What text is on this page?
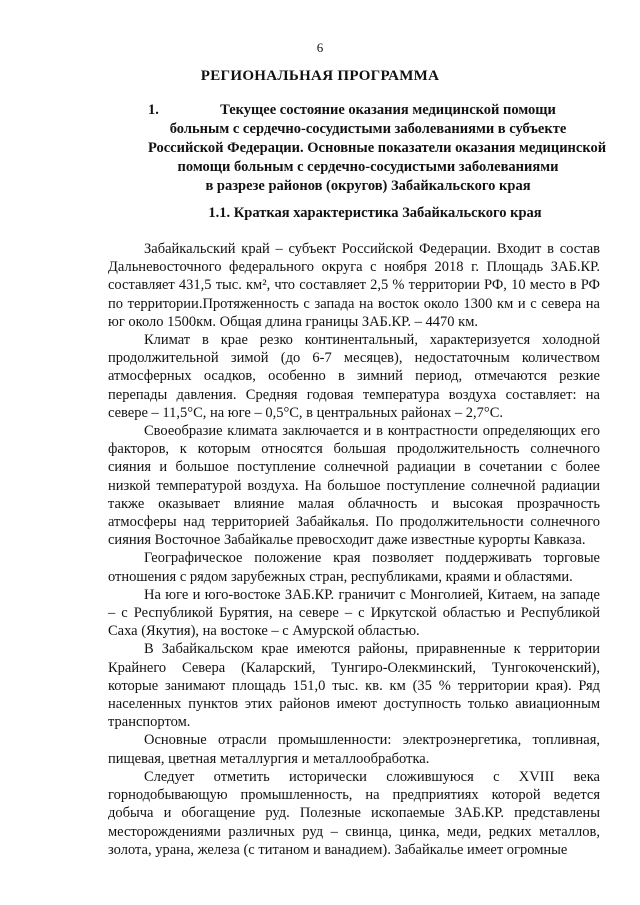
6
РЕГИОНАЛЬНАЯ ПРОГРАММА
1.	Текущее состояние оказания медицинской помощи
больным с сердечно-сосудистыми заболеваниями в субъекте
Российской Федерации. Основные показатели оказания медицинской
помощи больным с сердечно-сосудистыми заболеваниями
в разрезе районов (округов) Забайкальского края
1.1. Краткая характеристика Забайкальского края

Забайкальский край – субъект Российской Федерации. Входит в состав Дальневосточного федерального округа с ноября 2018 г. Площадь ЗАБ.КР. составляет 431,5 тыс. км², что составляет 2,5 % территории РФ, 10 место в РФ по территории.Протяженность с запада на восток около 1300 км и с севера на юг около 1500км. Общая длина границы ЗАБ.КР. – 4470 км.

Климат в крае резко континентальный, характеризуется холодной продолжительной зимой (до 6-7 месяцев), недостаточным количеством атмосферных осадков, особенно в зимний период, отмечаются резкие перепады давления. Средняя годовая температура воздуха составляет: на севере – 11,5°С, на юге – 0,5°С, в центральных районах – 2,7°С.

Своеобразие климата заключается и в контрастности определяющих его факторов, к которым относятся большая продолжительность солнечного сияния и большое поступление солнечной радиации в сочетании с более низкой температурой воздуха. На большое поступление солнечной радиации также оказывает влияние малая облачность и высокая прозрачность атмосферы над территорией Забайкалья. По продолжительности солнечного сияния Восточное Забайкалье превосходит даже известные курорты Кавказа.

Географическое положение края позволяет поддерживать торговые отношения с рядом зарубежных стран, республиками, краями и областями.

На юге и юго-востоке ЗАБ.КР. граничит с Монголией, Китаем, на западе – с Республикой Бурятия, на севере – с Иркутской областью и Республикой Саха (Якутия), на востоке – с Амурской областью.

В Забайкальском крае имеются районы, приравненные к территории Крайнего Севера (Каларский, Тунгиро-Олекминский, Тунгокоченский), которые занимают площадь 151,0 тыс. кв. км (35 % территории края). Ряд населенных пунктов этих районов имеют доступность только авиационным транспортом.

Основные отрасли промышленности: электроэнергетика, топливная, пищевая, цветная металлургия и металлообработка.

Следует отметить исторически сложившуюся с XVIII века горнодобывающую промышленность, на предприятиях которой ведется добыча и обогащение руд. Полезные ископаемые ЗАБ.КР. представлены месторождениями различных руд – свинца, цинка, меди, редких металлов, золота, урана, железа (с титаном и ванадием). Забайкалье имеет огромные
